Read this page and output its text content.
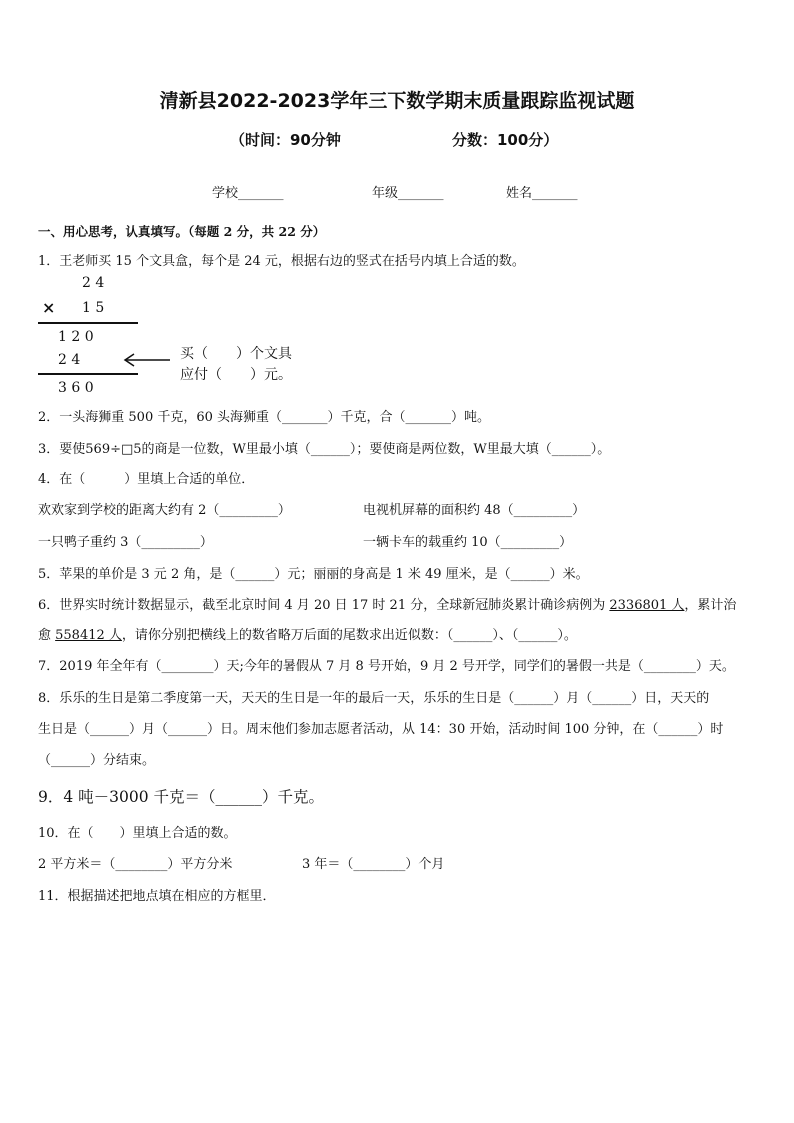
清新县2022-2023学年三下数学期末质量跟踪监视试题
（时间：90分钟	分数：100分）
学校_______	年级_______	姓名_______
一、用心思考，认真填写。（每题 2 分，共 22 分）
1．王老师买 15 个文具盒，每个是 24 元，根据右边的竖式在括号内填上合适的数。
2 4
× 1 5
1 2 0
2 4
3 6 0
买（　　）个文具
应付（　　）元。
2．一头海狮重 500 千克，60 头海狮重（_______）千克，合（_______）吨。
3．要使569÷□5的商是一位数，W里最小填（______）；要使商是两位数，W里最大填（______）。
4．在（　　　）里填上合适的单位．
欢欢家到学校的距离大约有 2（_________）	电视机屏幕的面积约 48（_________）
一只鸭子重约 3（_________）	一辆卡车的载重约 10（_________）
5．苹果的单价是 3 元 2 角，是（______）元；丽丽的身高是 1 米 49 厘米，是（______）米。
6．世界实时统计数据显示，截至北京时间 4 月 20 日 17 时 21 分，全球新冠肺炎累计确诊病例为 2336801 人，累计治
愈 558412 人，请你分别把横线上的数省略万后面的尾数求出近似数：（______）、（______）。
7．2019 年全年有（________）天;今年的暑假从 7 月 8 号开始，9 月 2 号开学，同学们的暑假一共是（________）天。
8．乐乐的生日是第二季度第一天，天天的生日是一年的最后一天，乐乐的生日是（______）月（______）日，天天的
生日是（______）月（______）日。周末他们参加志愿者活动，从 14：30 开始，活动时间 100 分钟，在（______）时
（______）分结束。
9．4 吨－3000 千克＝（______）千克。
10．在（　　）里填上合适的数。
2 平方米＝（________）平方分米	3 年＝（________）个月
11．根据描述把地点填在相应的方框里．
